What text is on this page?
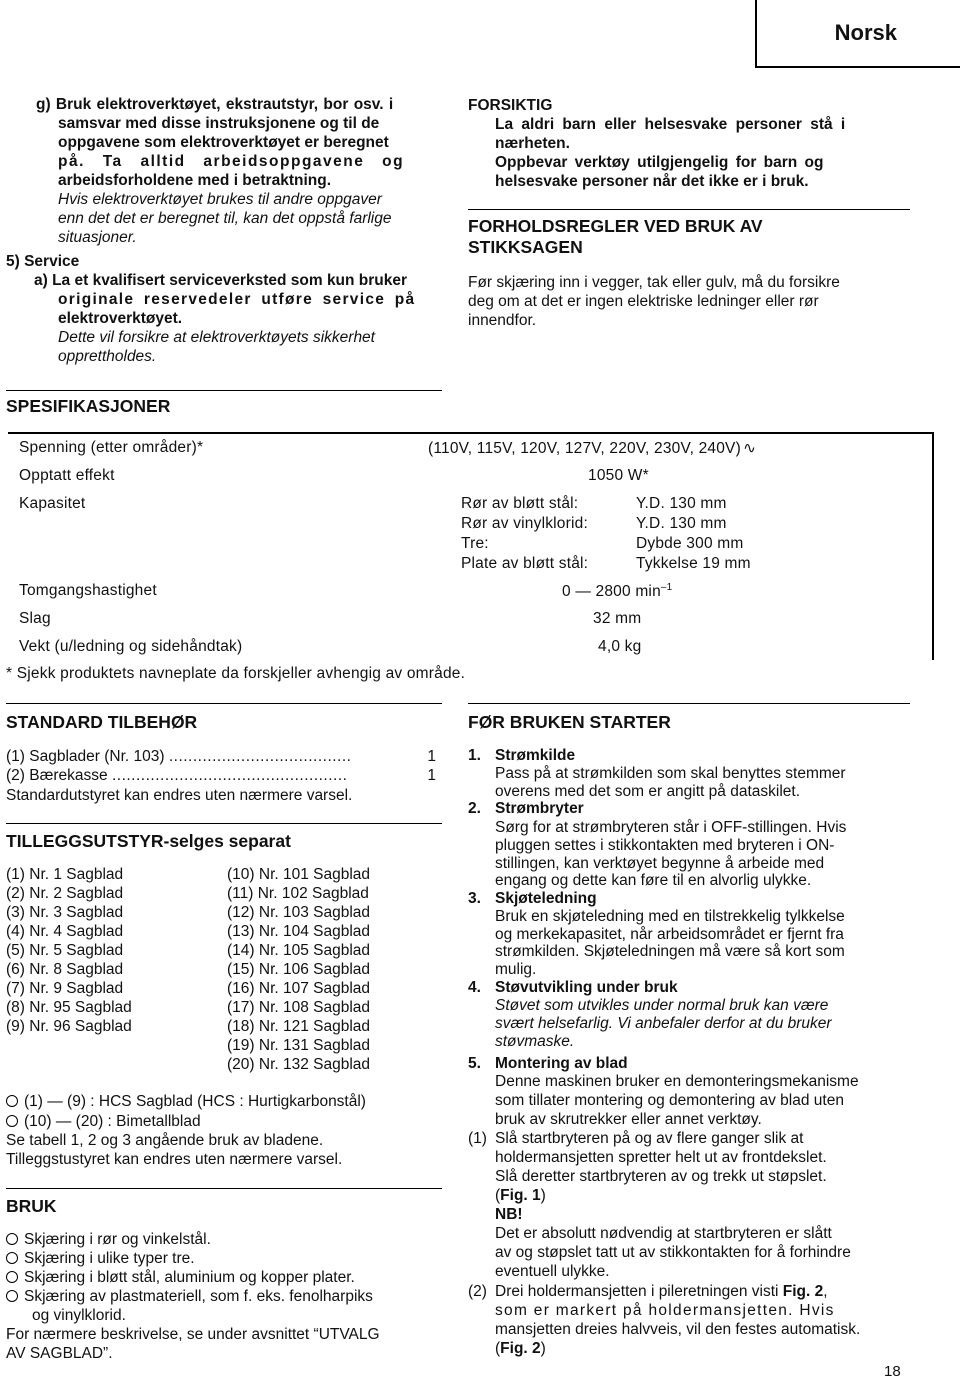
Norsk
g) Bruk elektroverktøyet, ekstrautstyr, bor osv. i
samsvar med disse instruksjonene og til de
oppgavene som elektroverktøyet er beregnet
på. Ta alltid arbeidsoppgavene og
arbeidsforholdene med i betraktning.
Hvis elektroverktøyet brukes til andre oppgaver
enn det det er beregnet til, kan det oppstå farlige
situasjoner.
5) Service
a) La et kvalifisert serviceverksted som kun bruker
originale reservedeler utføre service på
elektroverktøyet.
Dette vil forsikre at elektroverktøyets sikkerhet
opprettholdes.
FORSIKTIG
La aldri barn eller helsesvake personer stå i
nærheten.
Oppbevar verktøy utilgjengelig for barn og
helsesvake personer når det ikke er i bruk.
FORHOLDSREGLER VED BRUK AV
STIKKSAGEN
Før skjæring inn i vegger, tak eller gulv, må du forsikre
deg om at det er ingen elektriske ledninger eller rør
innendfor.
SPESIFIKASJONER
Spenning (etter områder)*	(110V, 115V, 120V, 127V, 220V, 230V, 240V) ∿
Opptatt effekt	1050 W*
Kapasitet	Rør av bløtt stål:	Y.D. 130 mm
Rør av vinylklorid:	Y.D. 130 mm
Tre:	Dybde 300 mm
Plate av bløtt stål:	Tykkelse 19 mm
Tomgangshastighet	0 — 2800 $\min^{-1}$
Slag	32 mm
Vekt (u/ledning og sidehåndtak)	4,0 kg
* Sjekk produktets navneplate da forskjeller avhengig av område.
STANDARD TILBEHØR
(1) Sagblader (Nr. 103) ......................................	1
(2) Bærekasse .................................................	1
Standardutstyret kan endres uten nærmere varsel.
TILLEGGSUTSTYR-selges separat
(1) Nr. 1 Sagblad
(2) Nr. 2 Sagblad
(3) Nr. 3 Sagblad
(4) Nr. 4 Sagblad
(5) Nr. 5 Sagblad
(6) Nr. 8 Sagblad
(7) Nr. 9 Sagblad
(8) Nr. 95 Sagblad
(9) Nr. 96 Sagblad
(10) Nr. 101 Sagblad
(11) Nr. 102 Sagblad
(12) Nr. 103 Sagblad
(13) Nr. 104 Sagblad
(14) Nr. 105 Sagblad
(15) Nr. 106 Sagblad
(16) Nr. 107 Sagblad
(17) Nr. 108 Sagblad
(18) Nr. 121 Sagblad
(19) Nr. 131 Sagblad
(20) Nr. 132 Sagblad
(1) — (9) : HCS Sagblad (HCS : Hurtigkarbonstål)
(10) — (20) : Bimetallblad
Se tabell 1, 2 og 3 angående bruk av bladene.
Tilleggstustyret kan endres uten nærmere varsel.
BRUK
Skjæring i rør og vinkelstål.
Skjæring i ulike typer tre.
Skjæring i bløtt stål, aluminium og kopper plater.
Skjæring av plastmateriell, som f. eks. fenolharpiks
og vinylklorid.
For nærmere beskrivelse, se under avsnittet “UTVALG
AV SAGBLAD”.
FØR BRUKEN STARTER
1. Strømkilde
Pass på at strømkilden som skal benyttes stemmer
overens med det som er angitt på dataskilet.
2. Strømbryter
Sørg for at strømbryteren står i OFF-stillingen. Hvis
pluggen settes i stikkontakten med bryteren i ON-
stillingen, kan verktøyet begynne å arbeide med
engang og dette kan føre til en alvorlig ulykke.
3. Skjøteledning
Bruk en skjøteledning med en tilstrekkelig tylkkelse
og merkekapasitet, når arbeidsområdet er fjernt fra
strømkilden. Skjøteledningen må være så kort som
mulig.
4. Støvutvikling under bruk
Støvet som utvikles under normal bruk kan være
svært helsefarlig. Vi anbefaler derfor at du bruker
støvmaske.
5. Montering av blad
Denne maskinen bruker en demonteringsmekanisme
som tillater montering og demontering av blad uten
bruk av skrutrekker eller annet verktøy.
(1) Slå startbryteren på og av flere ganger slik at
holdermansjetten spretter helt ut av frontdekslet.
Slå deretter startbryteren av og trekk ut støpslet.
(Fig. 1)
NB!
Det er absolutt nødvendig at startbryteren er slått
av og støpslet tatt ut av stikkontakten for å forhindre
eventuell ulykke.
(2) Drei holdermansjetten i pileretningen visti Fig. 2,
som er markert på holdermansjetten. Hvis
mansjetten dreies halvveis, vil den festes automatisk.
(Fig. 2)
18
